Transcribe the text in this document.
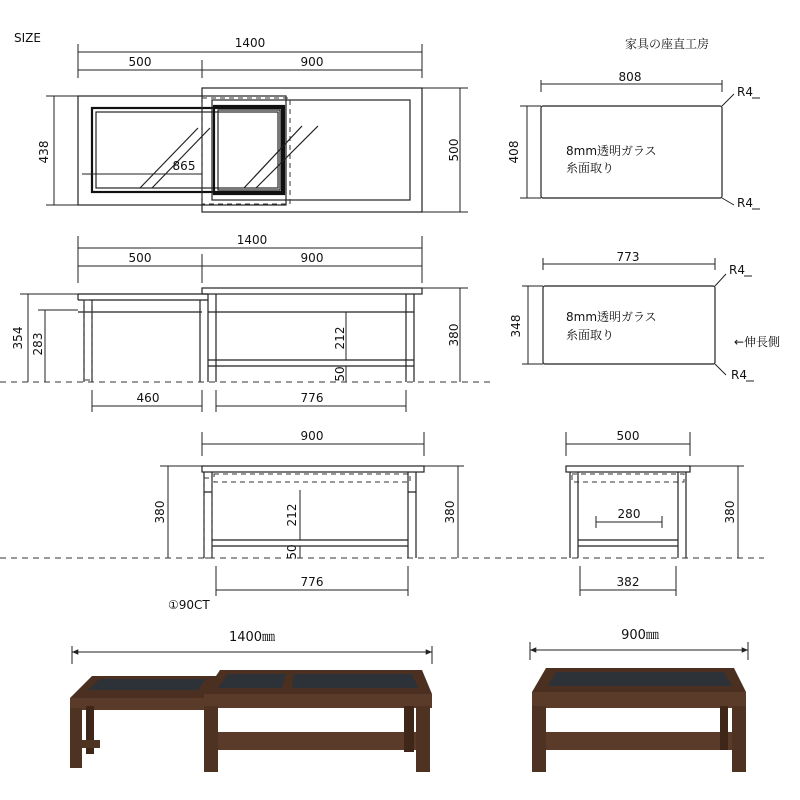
SIZE	家具の座直工房
1400
500	900
438	500
865
808
408	8mm透明ガラス
糸面取り
R4
R4
1400
500	900
354 283	212
50
380
460	776
773
348	8mm透明ガラス
糸面取り
R4
R4
←伸長側
900
380	212
50
380
776
①90CT
500
280	380
382
1400㎜	900㎜
